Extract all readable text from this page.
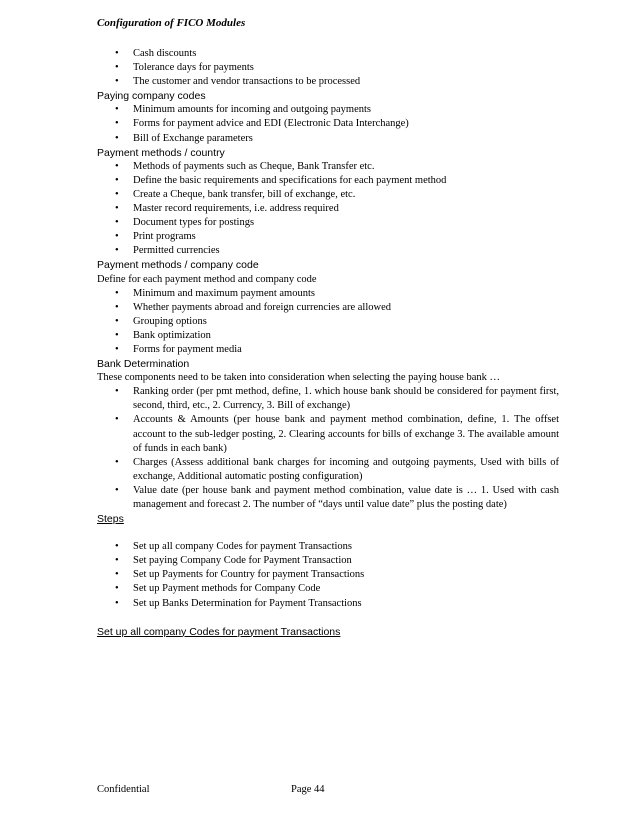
Configuration of FICO Modules
• Cash discounts
• Tolerance days for payments
• The customer and vendor transactions to be processed
Paying company codes
• Minimum amounts for incoming and outgoing payments
• Forms for payment advice and EDI (Electronic Data Interchange)
• Bill of Exchange parameters
Payment methods / country
• Methods of payments such as Cheque, Bank Transfer etc.
• Define the basic requirements and specifications for each payment method
• Create a Cheque, bank transfer, bill of exchange, etc.
• Master record requirements, i.e. address required
• Document types for postings
• Print programs
• Permitted currencies
Payment methods / company code

Define for each payment method and company code

• Minimum and maximum payment amounts
• Whether payments abroad and foreign currencies are allowed
• Grouping options
• Bank optimization
• Forms for payment media
Bank Determination

These components need to be taken into consideration when selecting the paying house bank …

• Ranking order (per pmt method, define, 1. which house bank should be considered for payment first, second, third, etc., 2. Currency, 3. Bill of exchange)
• Accounts & Amounts (per house bank and payment method combination, define, 1. The offset account to the sub-ledger posting, 2. Clearing accounts for bills of exchange 3. The available amount of funds in each bank)
• Charges (Assess additional bank charges for incoming and outgoing payments, Used with bills of exchange, Additional automatic posting configuration)
• Value date (per house bank and payment method combination, value date is … 1. Used with cash management and forecast 2. The number of “days until value date” plus the posting date)
Steps
• Set up all company Codes for payment Transactions
• Set paying Company Code for Payment Transaction
• Set up Payments for Country for payment Transactions
• Set up Payment methods for Company Code
• Set up Banks Determination for Payment Transactions
Set up all company Codes for payment Transactions
Confidential	Page 44
